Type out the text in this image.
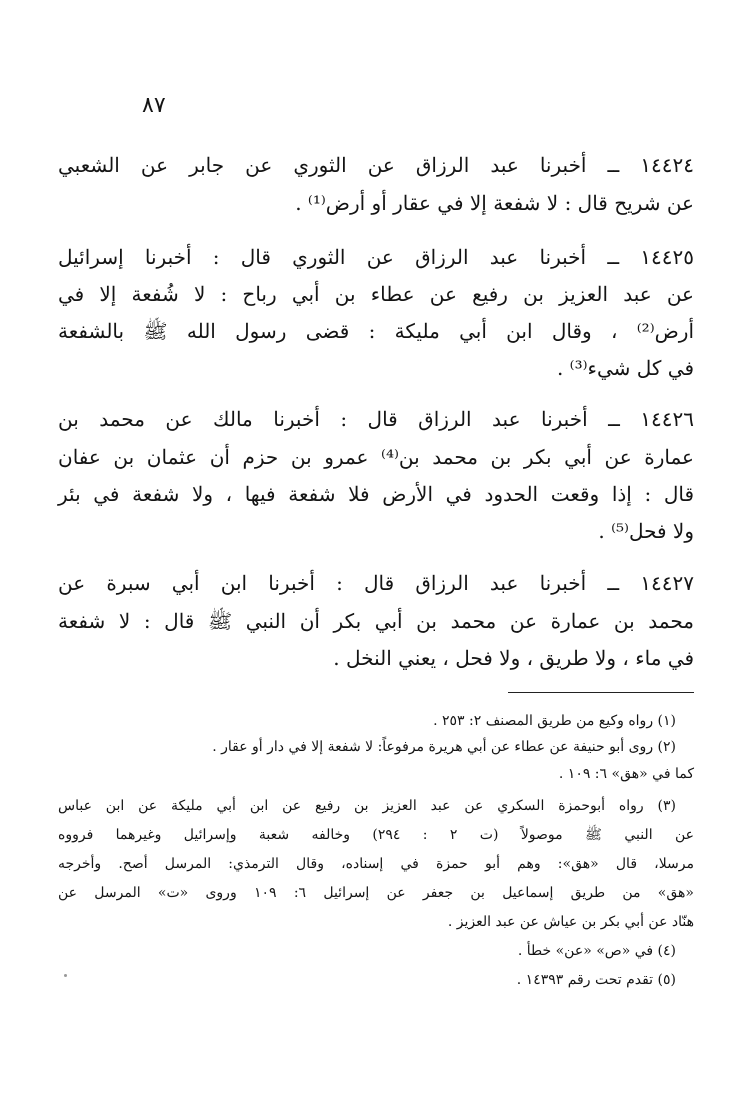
٨٧
١٤٤٢٤ ــ أخبرنا عبد الرزاق عن الثوري عن جابر عن الشعبي
عن شريح قال : لا شفعة إلا في عقار أو أرض⁽¹⁾ .
١٤٤٢٥ ــ أخبرنا عبد الرزاق عن الثوري قال : أخبرنا إسرائيل
عن عبد العزيز بن رفيع عن عطاء بن أبي رباح : لا شُفعة إلا في
أرض⁽²⁾ ، وقال ابن أبي مليكة : قضى رسول الله ﷺ بالشفعة
في كل شيء⁽³⁾ .
١٤٤٢٦ ــ أخبرنا عبد الرزاق قال : أخبرنا مالك عن محمد بن
عمارة عن أبي بكر بن محمد بن⁽⁴⁾ عمرو بن حزم أن عثمان بن عفان
قال : إذا وقعت الحدود في الأرض فلا شفعة فيها ، ولا شفعة في بئر
ولا فحل⁽⁵⁾ .
١٤٤٢٧ ــ أخبرنا عبد الرزاق قال : أخبرنا ابن أبي سبرة عن
محمد بن عمارة عن محمد بن أبي بكر أن النبي ﷺ قال : لا شفعة
في ماء ، ولا طريق ، ولا فحل ، يعني النخل .
(١) رواه وكيع من طريق المصنف ٢: ٢٥٣ .
(٢) روى أبو حنيفة عن عطاء عن أبي هريرة مرفوعاً: لا شفعة إلا في دار أو عقار .
كما في «هق» ٦: ١٠٩ .
(٣) رواه أبوحمزة السكري عن عبد العزيز بن رفيع عن ابن أبي مليكة عن ابن عباس
عن النبي ﷺ موصولاً (ت ٢ : ٢٩٤) وخالفه شعبة وإسرائيل وغيرهما فرووه
مرسلا، قال «هق»: وهم أبو حمزة في إسناده، وقال الترمذي: المرسل أصح. وأخرجه
«هق» من طريق إسماعيل بن جعفر عن إسرائيل ٦: ١٠٩ وروى «ت» المرسل عن
هنّاد عن أبي بكر بن عياش عن عبد العزيز .
(٤) في «ص» «عن» خطأ .
(٥) تقدم تحت رقم ١٤٣٩٣ .
